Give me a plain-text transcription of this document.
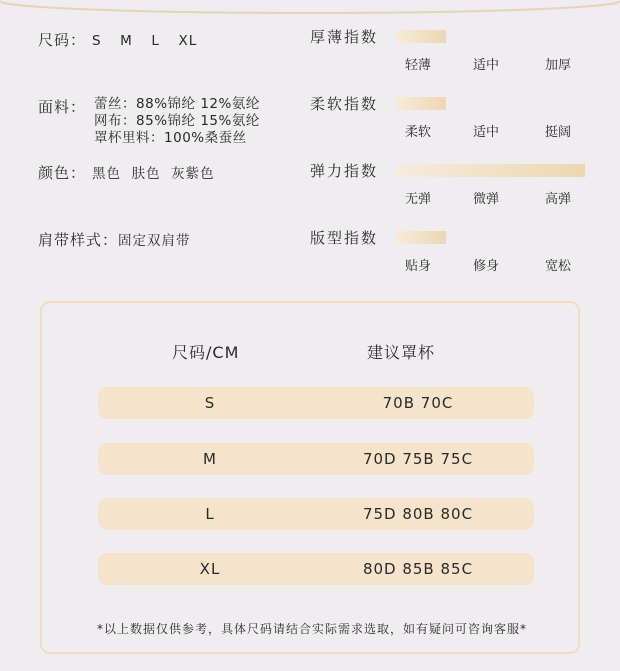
尺码： S  M  L  XL
面料： 蕾丝：88%锦纶 12%氨纶
网布：85%锦纶 15%氨纶
罩杯里料：100%桑蚕丝
颜色： 黑色  肤色  灰紫色
肩带样式： 固定双肩带
厚薄指数
轻薄	适中	加厚
柔软指数
柔软	适中	挺阔
弹力指数
无弹	微弹	高弹
版型指数
贴身	修身	宽松
尺码/CM	建议罩杯
S	70B 70C
M	70D 75B 75C
L	75D 80B 80C
XL	80D 85B 85C
*以上数据仅供参考，具体尺码请结合实际需求选取，如有疑问可咨询客服*
